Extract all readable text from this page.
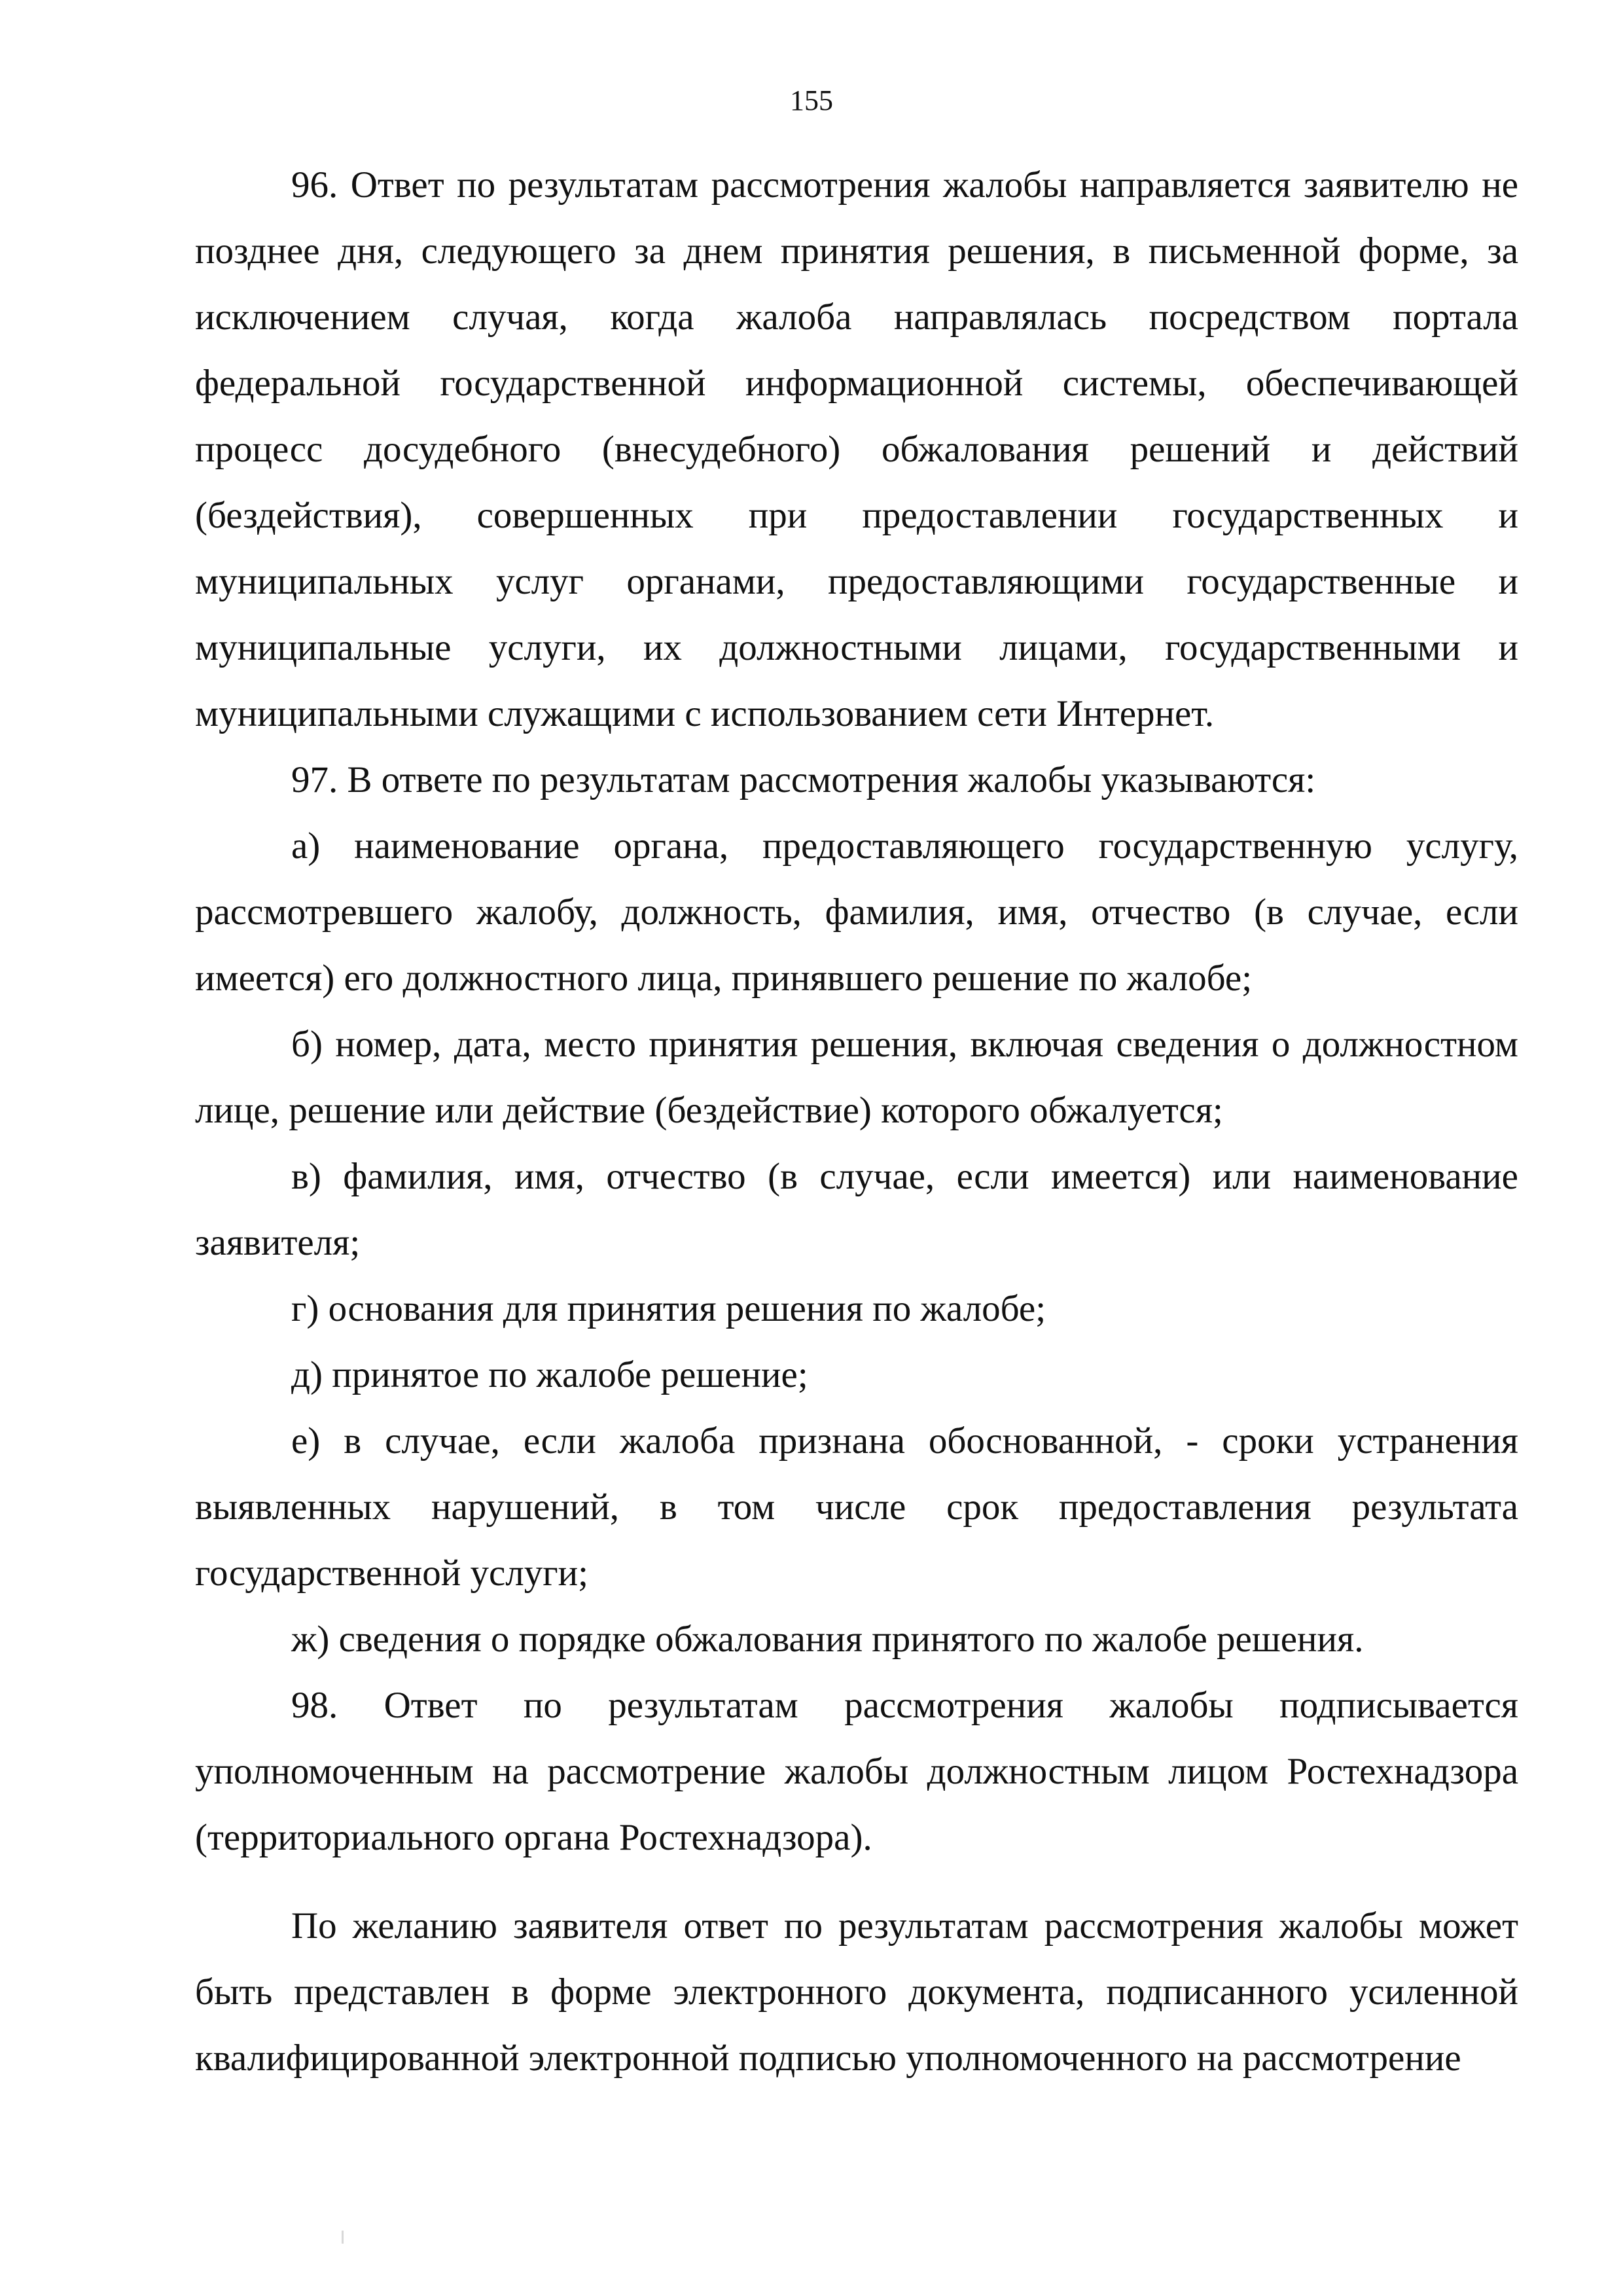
155

96. Ответ по результатам рассмотрения жалобы направляется заявителю не позднее дня, следующего за днем принятия решения, в письменной форме, за исключением случая, когда жалоба направлялась посредством портала федеральной государственной информационной системы, обеспечивающей процесс досудебного (внесудебного) обжалования решений и действий (бездействия), совершенных при предоставлении государственных и муниципальных услуг органами, предоставляющими государственные и муниципальные услуги, их должностными лицами, государственными и муниципальными служащими с использованием сети Интернет.

97. В ответе по результатам рассмотрения жалобы указываются:

а) наименование органа, предоставляющего государственную услугу, рассмотревшего жалобу, должность, фамилия, имя, отчество (в случае, если имеется) его должностного лица, принявшего решение по жалобе;

б) номер, дата, место принятия решения, включая сведения о должностном лице, решение или действие (бездействие) которого обжалуется;

в) фамилия, имя, отчество (в случае, если имеется) или наименование заявителя;

г) основания для принятия решения по жалобе;

д) принятое по жалобе решение;

е) в случае, если жалоба признана обоснованной, - сроки устранения выявленных нарушений, в том числе срок предоставления результата государственной услуги;

ж) сведения о порядке обжалования принятого по жалобе решения.

98. Ответ по результатам рассмотрения жалобы подписывается уполномоченным на рассмотрение жалобы должностным лицом Ростехнадзора (территориального органа Ростехнадзора).

По желанию заявителя ответ по результатам рассмотрения жалобы может быть представлен в форме электронного документа, подписанного усиленной квалифицированной электронной подписью уполномоченного на рассмотрение
